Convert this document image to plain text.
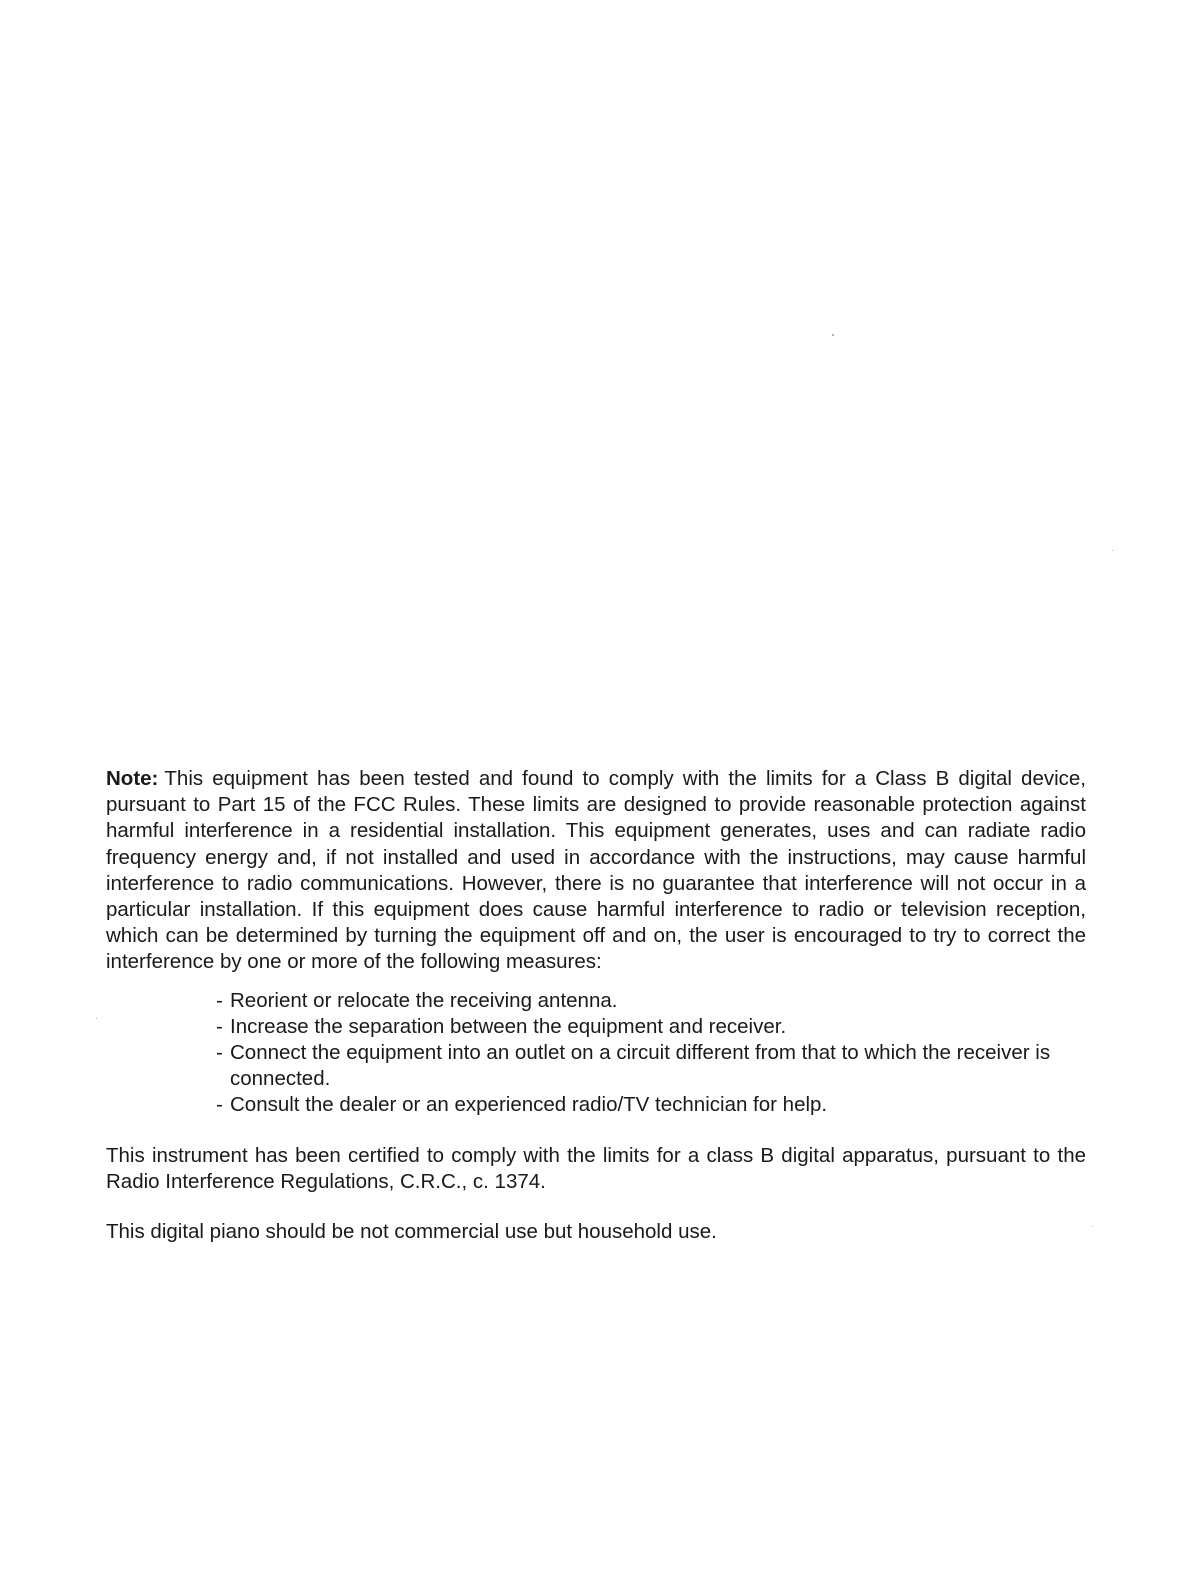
Note: This equipment has been tested and found to comply with the limits for a Class B digital device, pursuant to Part 15 of the FCC Rules. These limits are designed to provide reasonable protection against harmful interference in a residential installation. This equipment generates, uses and can radiate radio frequency energy and, if not installed and used in accordance with the instructions, may cause harmful interference to radio communications. However, there is no guarantee that interference will not occur in a particular installation. If this equipment does cause harmful interference to radio or television reception, which can be determined by turning the equipment off and on, the user is encouraged to try to correct the interference by one or more of the following measures:

- Reorient or relocate the receiving antenna.
- Increase the separation between the equipment and receiver.
- Connect the equipment into an outlet on a circuit different from that to which the receiver is connected.
- Consult the dealer or an experienced radio/TV technician for help.

This instrument has been certified to comply with the limits for a class B digital apparatus, pursuant to the Radio Interference Regulations, C.R.C., c. 1374.

This digital piano should be not commercial use but household use.
